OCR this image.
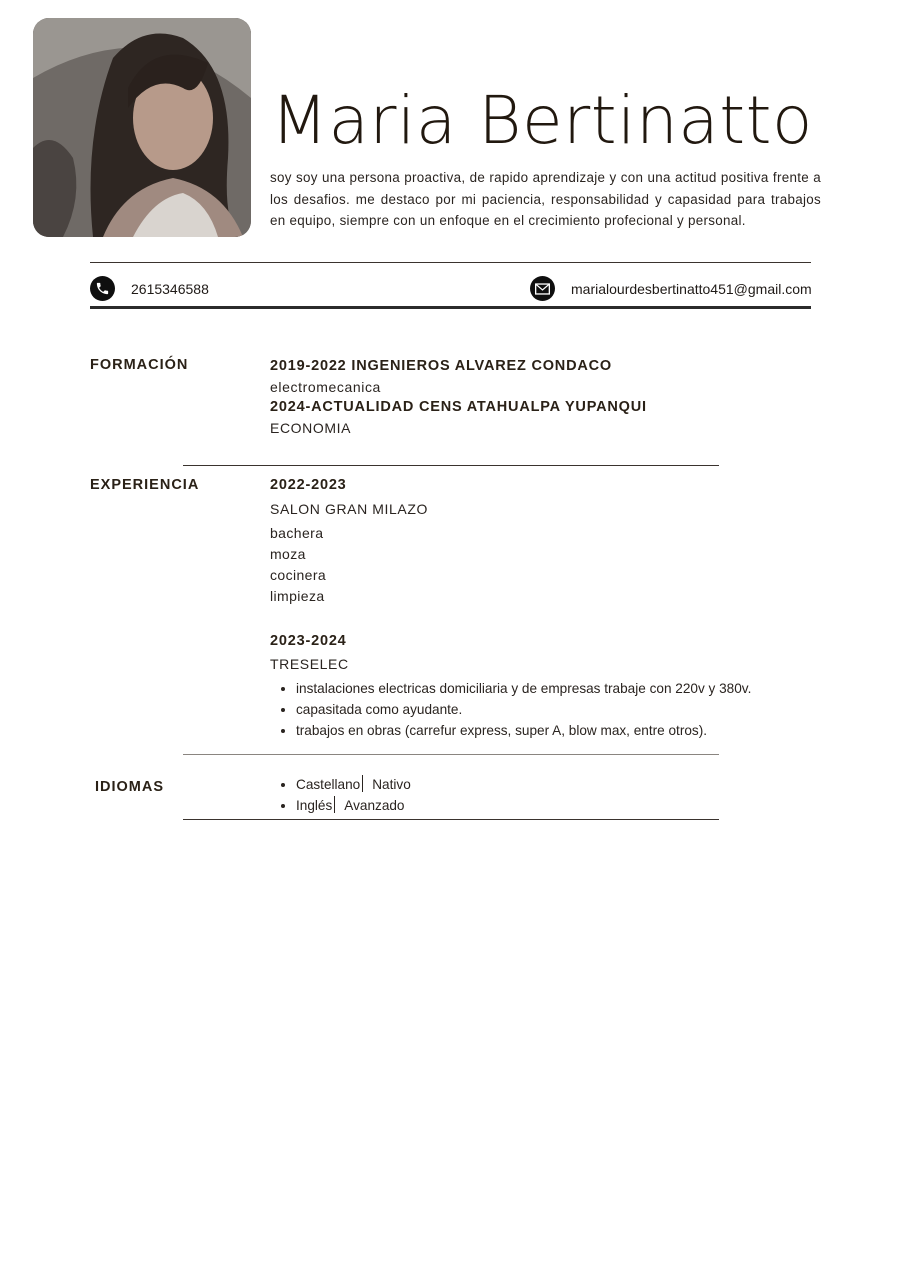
Maria Bertinatto
soy soy una persona proactiva, de rapido aprendizaje y con una actitud positiva frente a los desafios. me destaco por mi paciencia, responsabilidad y capasidad para trabajos en equipo, siempre con un enfoque en el crecimiento profecional y personal.
2615346588	marialourdesbertinatto451@gmail.com
FORMACIÓN	2019-2022 INGENIEROS ALVAREZ CONDACO
electromecanica
2024-ACTUALIDAD CENS ATAHUALPA YUPANQUI
ECONOMIA
EXPERIENCIA	2022-2023
SALON GRAN MILAZO
bachera
moza
cocinera
limpieza
2023-2024
TRESELEC
• instalaciones electricas domiciliaria y de empresas trabaje con 220v y 380v.
• capasitada como ayudante.
• trabajos en obras (carrefur express, super A, blow max, entre otros).
IDIOMAS
•	Castellano Nativo
• Inglés Avanzado
